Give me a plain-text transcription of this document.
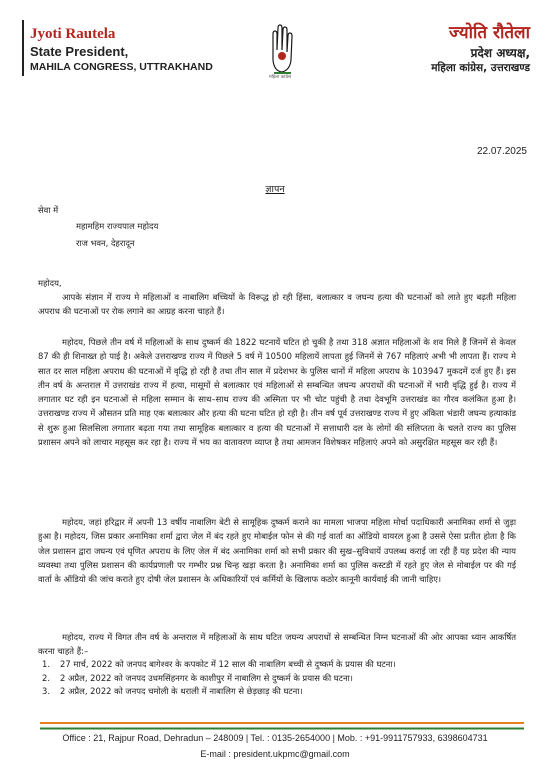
Jyoti Rautela
State President,
MAHILA CONGRESS, UTTRAKHAND
महिला कांग्रेस
ज्योति रौतेला
प्रदेश अध्यक्ष,
महिला कांग्रेस, उत्तराखण्ड
22.07.2025
ज्ञापन
सेवा में
महामहिम राज्यपाल महोदय
राज भवन, देहरादून
महोदय,
आपके संज्ञान में राज्य मे महिलाओं व नाबालिग बच्चियों के विरूद्ध हो रही हिंसा, बलात्कार व जघन्य हत्या की घटनाओं को लाते हुए बढ़ती महिला अपराध की घटनाओं पर रोक लगाने का आग्रह करना चाहते हैं।
महोदय, पिछले तीन वर्ष में महिलाओं के साथ दुष्कर्म की 1822 घटनायें घटित हो चुकी है तथा 318 अज्ञात महिलाओं के शव मिले हैं जिनमें से केवल 87 की ही शिनाख्त हो पाई है। अकेले उत्तराखण्ड राज्य में पिछले 5 वर्ष में 10500 महिलायें लापता हुई जिनमें से 767 महिलाएं अभी भी लापता हैं। राज्य मे सात दर साल महिला अपराध की घटनाओं में वृद्धि हो रही है तथा तीन साल में प्रदेशभर के पुलिस थानों में महिला अपराध के 103947 मुकदमें दर्ज हुए हैं। इस तीन वर्ष के अन्तराल में उत्तराखंड राज्य में हत्या, मासूमों से बलात्कार एवं महिलाओं से सम्बन्धित जघन्य अपराधों की घटनाओं में भारी वृद्धि हुई है। राज्य में लगातार घट रही इन घटनाओं से महिला सम्मान के साथ–साथ राज्य की अस्मिता पर भी चोट पहुंची है तथा देवभूमि उत्तराखंड का गौरव कलंकित हुआ है। उत्तराखण्ड राज्य में औसतन प्रति माह एक बलात्कार और हत्या की घटना घटित हो रही है। तीन वर्ष पूर्व उत्तराखण्ड राज्य में हुए अंकिता भंडारी जघन्य हत्याकांड से शुरू हुआ सिलसिला लगातार बढ़ता गया तथा सामूहिक बलात्कार व हत्या की घटनाओं में सत्ताधारी दल के लोगों की संलिप्तता के चलते राज्य का पुलिस प्रशासन अपने को लाचार महसूस कर रहा है। राज्य में भय का वातावरण व्याप्त है तथा आमजन विशेषकर महिलाएं अपने को असुरक्षित महसूस कर रही हैं।
महोदय, जहां हरिद्वार में अपनी 13 वर्षीय नाबालिग बेटी से सामूहिक दुष्कर्म कराने का मामला भाजपा महिला मोर्चा पदाधिकारी अनामिका शर्मा से जुड़ा हुआ है। महोदय, जिस प्रकार अनामिका शर्मा द्वारा जेल में बंद रहते हुए मोबाईल फोन से की गई वार्ता का ऑडियो वायरल हुआ है उससे ऐसा प्रतीत होता है कि जेल प्रशासन द्वारा जघन्य एवं घृणित अपराध के लिए जेल में बंद अनामिका शर्मा को सभी प्रकार की सुख–सुविधायें उपलब्ध कराई जा रही हैं यह प्रदेश की न्याय व्यवस्था तथा पुलिस प्रशासन की कार्यप्रणाली पर गम्भीर प्रश्न चिन्ह खड़ा करता है। अनामिका शर्मा का पुलिस कस्टडी में रहते हुए जेल से मोबाईल पर की गई वार्ता के ऑडियो की जांच कराते हुए दोषी जेल प्रशासन के अधिकारियों एवं कर्मियों के खिलाफ कठोर कानूनी कार्यवाई की जानी चाहिए।
महोदय, राज्य में विगत तीन वर्ष के अन्तराल में महिलाओं के साथ घटित जघन्य अपराधों से सम्बन्धित निम्न घटनाओं की ओर आपका ध्यान आकर्षित करना चाहते हैं:–
1.	27 मार्च, 2022 को जनपद बागेश्वर के कपकोट में 12 साल की नाबालिग बच्ची से दुष्कर्म के प्रयास की घटना।
2.	2 अप्रैल, 2022 को जनपद उधमसिंहनगर के काशीपुर में नाबालिग से दुष्कर्म के प्रयास की घटना।
3.	2 अप्रैल, 2022 को जनपद चमोली के थराली में नाबालिग से छेड़छाड़ की घटना।
Office : 21, Rajpur Road, Dehradun – 248009 | Tel. : 0135-2654000 | Mob. : +91-9911757933, 6398604731
E-mail : president.ukpmc@gmail.com
